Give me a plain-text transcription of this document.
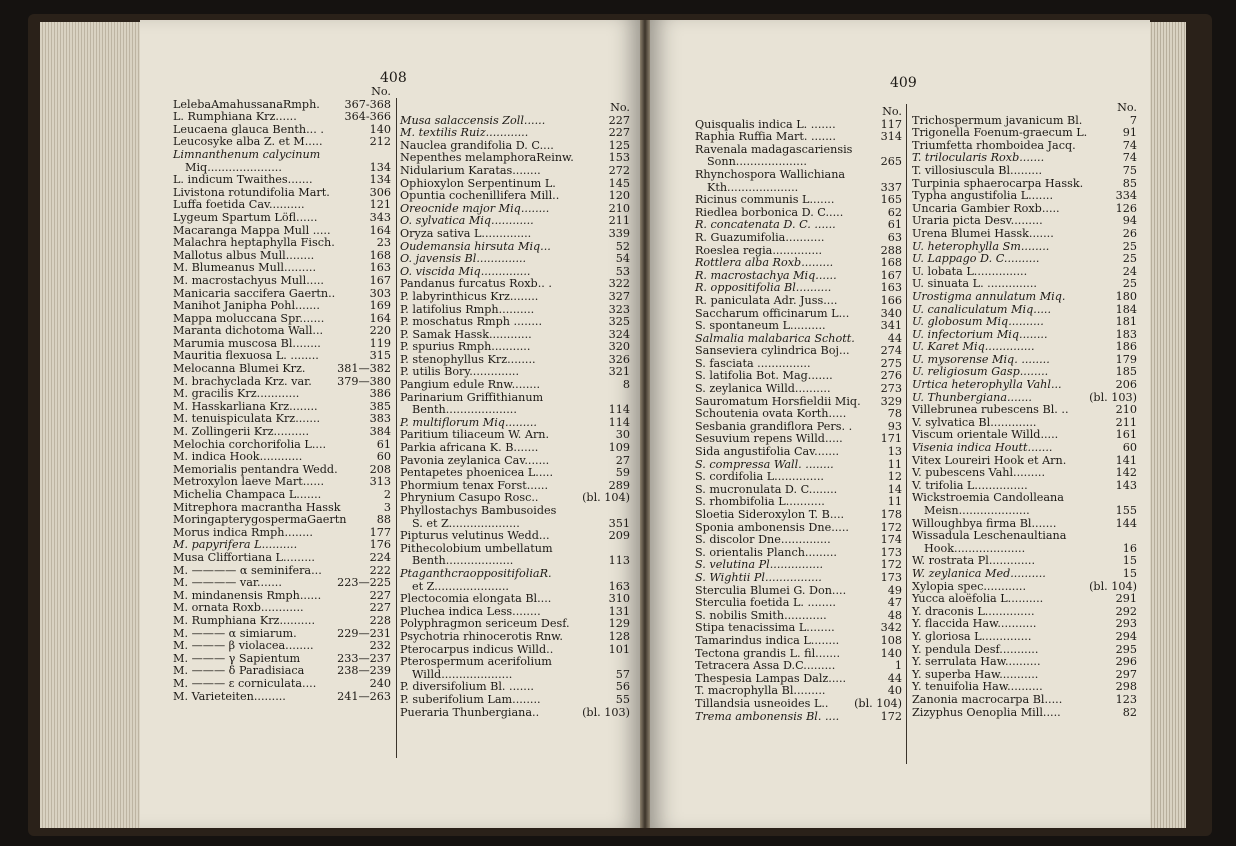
408
No.
LelebaAmahussanaRmph. 367-368
L. Rumphiana Krz......	364-366
Leucaena glauca Benth... .	140
Leucosyke alba Z. et M.....	212
Limnanthenum calycinum
Miq.....................	134
L. indicum Twaithes.......	134
Livistona rotundifolia Mart.	306
Luffa foetida Cav..........	121
Lygeum Spartum Löfl......	343
Macaranga Mappa Mull .....	164
Malachra heptaphylla Fisch.	23
Mallotus albus Mull........	168
M. Blumeanus Mull.........	163
M. macrostachyus Mull.....	167
Manicaria saccifera Gaertn..	303
Manihot Janipha Pohl.......	169
Mappa moluccana Spr.......	164
Maranta dichotoma Wall...	220
Marumia muscosa Bl........	119
Mauritia flexuosa L. ........	315
Melocanna Blumei Krz.	381—382
M. brachyclada Krz. var. 379—380
M. gracilis Krz............	386
M. Hasskarliana Krz........	385
M. tenuispiculata Krz.......	383
M. Zollingerii Krz..........	384
Melochia corchorifolia L....	61
M. indica Hook............	60
Memorialis pentandra Wedd.	208
Metroxylon laeve Mart......	313
Michelia Champaca L.......	2
Mitrephora macrantha Hassk	3
MoringapterygospermaGaertn	88
Morus indica Rmph........	177
M. papyrifera L..........	176
Musa Cliffortiana L.........	224
M. ———— α seminifera...	222
M. ———— var.......	223—225
M. mindanensis Rmph......	227
M. ornata Roxb............	227
M. Rumphiana Krz..........	228
M. ——— α simiarum.	229—231
M. ——— β violacea........	232
M. ——— γ Sapientum	233—237
M. ——— δ Paradisiaca	238—239
M. ——— ε corniculata....	240
M. Varieteiten.........	241—263
No.
Musa salaccensis Zoll......	227
M. textilis Ruiz............	227
Nauclea grandifolia D. C....	125
Nepenthes melamphoraReinw.	153
Nidularium Karatas........	272
Ophioxylon Serpentinum L.	145
Opuntia cochenillifera Mill..	120
Oreocnide major Miq........	210
O. sylvatica Miq............	211
Oryza sativa L..............	339
Oudemansia hirsuta Miq...	52
O. javensis Bl..............	54
O. viscida Miq..............	53
Pandanus furcatus Roxb.. .	322
P. labyrinthicus Krz........	327
P. latifolius Rmph..........	323
P. moschatus Rmph ........	325
P. Samak Hassk............	324
P. spurius Rmph...........	320
P. stenophyllus Krz........	326
P. utilis Bory..............	321
Pangium edule Rnw........	8
Parinarium Griffithianum
Benth....................	114
P. multiflorum Miq.........	114
Paritium tiliaceum W. Arn.	30
Parkia africana K. B.......	109
Pavonia zeylanica Cav.......	27
Pentapetes phoenicea L.....	59
Phormium tenax Forst......	289
Phrynium Casupo Rosc..	(bl. 104)
Phyllostachys Bambusoides
S. et Z....................	351
Pipturus velutinus Wedd...	209
Pithecolobium umbellatum
Benth...................	113
PtaganthcraoppositifoliaR.
et Z.....................	163
Plectocomia elongata Bl....	310
Pluchea indica Less........	131
Polyphragmon sericeum Desf.	129
Psychotria rhinocerotis Rnw.	128
Pterocarpus indicus Willd..	101
Pterospermum acerifolium
Willd....................	57
P. diversifolium Bl. .......	56
P. suberifolium Lam........	55
Pueraria Thunbergiana..	(bl. 103)
409
No.
Quisqualis indica L. .......	117
Raphia Ruffia Mart. .......	314
Ravenala madagascariensis
Sonn....................	265
Rhynchospora Wallichiana
Kth....................	337
Ricinus communis L.......	165
Riedlea borbonica D. C.....	62
R. concatenata D. C. ......	61
R. Guazumifolia...........	63
Roeslea regia..............	288
Rottlera alba Roxb.........	168
R. macrostachya Miq......	167
R. oppositifolia Bl..........	163
R. paniculata Adr. Juss....	166
Saccharum officinarum L...	340
S. spontaneum L..........	341
Salmalia malabarica Schott.	44
Sanseviera cylindrica Boj...	274
S. fasciata ...............	275
S. latifolia Bot. Mag.......	276
S. zeylanica Willd..........	273
Sauromatum Horsfieldii Miq. 329
Schoutenia ovata Korth.....	78
Sesbania grandiflora Pers. .	93
Sesuvium repens Willd.....	171
Sida angustifolia Cav.......	13
S. compressa Wall. ........	11
S. cordifolia L..............	12
S. mucronulata D. C........	14
S. rhombifolia L...........	11
Sloetia Sideroxylon T. B....	178
Sponia ambonensis Dne.....	172
S. discolor Dne..............	174
S. orientalis Planch.........	173
S. velutina Pl...............	172
S. Wightii Pl................	173
Sterculia Blumei G. Don....	49
Sterculia foetida L. ........	47
S. nobilis Smith............	48
Stipa tenacissima L........	342
Tamarindus indica L........	108
Tectona grandis L. fil.......	140
Tetracera Assa D.C.........	1
Thespesia Lampas Dalz.....	44
T. macrophylla Bl.........	40
Tillandsia usneoides L.. (bl. 104)
Trema ambonensis Bl. ....	172
No.
Trichospermum javanicum Bl.	7
Trigonella Foenum-graecum L.	91
Triumfetta rhomboidea Jacq.	74
T. trilocularis Roxb.......	74
T. villosiuscula Bl.........	75
Turpinia sphaerocarpa Hassk.	85
Typha angustifolia L.......	334
Uncaria Gambier Roxb.....	126
Uraria picta Desv.........	94
Urena Blumei Hassk.......	26
U. heterophylla Sm........	25
U. Lappago D. C..........	25
U. lobata L...............	24
U. sinuata L. ..............	25
Urostigma annulatum Miq.	180
U. canaliculatum Miq.....	184
U. globosum Miq..........	181
U. infectorium Miq........	183
U. Karet Miq..............	186
U. mysorense Miq. ........	179
U. religiosum Gasp........	185
Urtica heterophylla Vahl...	206
U. Thunbergiana.......	(bl. 103)
Villebrunea rubescens Bl. ..	210
V. sylvatica Bl.............	211
Viscum orientale Willd.....	161
Visenia indica Houtt.......	60
Vitex Loureiri Hook et Arn.	141
V. pubescens Vahl.........	142
V. trifolia L...............	143
Wickstroemia Candolleana
Meisn....................	155
Willoughbya firma Bl.......	144
Wissadula Leschenaultiana
Hook....................	16
W. rostrata Pl.............	15
W. zeylanica Med..........	15
Xylopia spec............	(bl. 104)
Yucca aloëfolia L..........	291
Y. draconis L..............	292
Y. flaccida Haw...........	293
Y. gloriosa L..............	294
Y. pendula Desf...........	295
Y. serrulata Haw..........	296
Y. superba Haw...........	297
Y. tenuifolia Haw..........	298
Zanonia macrocarpa Bl.....	123
Zizyphus Oenoplia Mill.....	82
